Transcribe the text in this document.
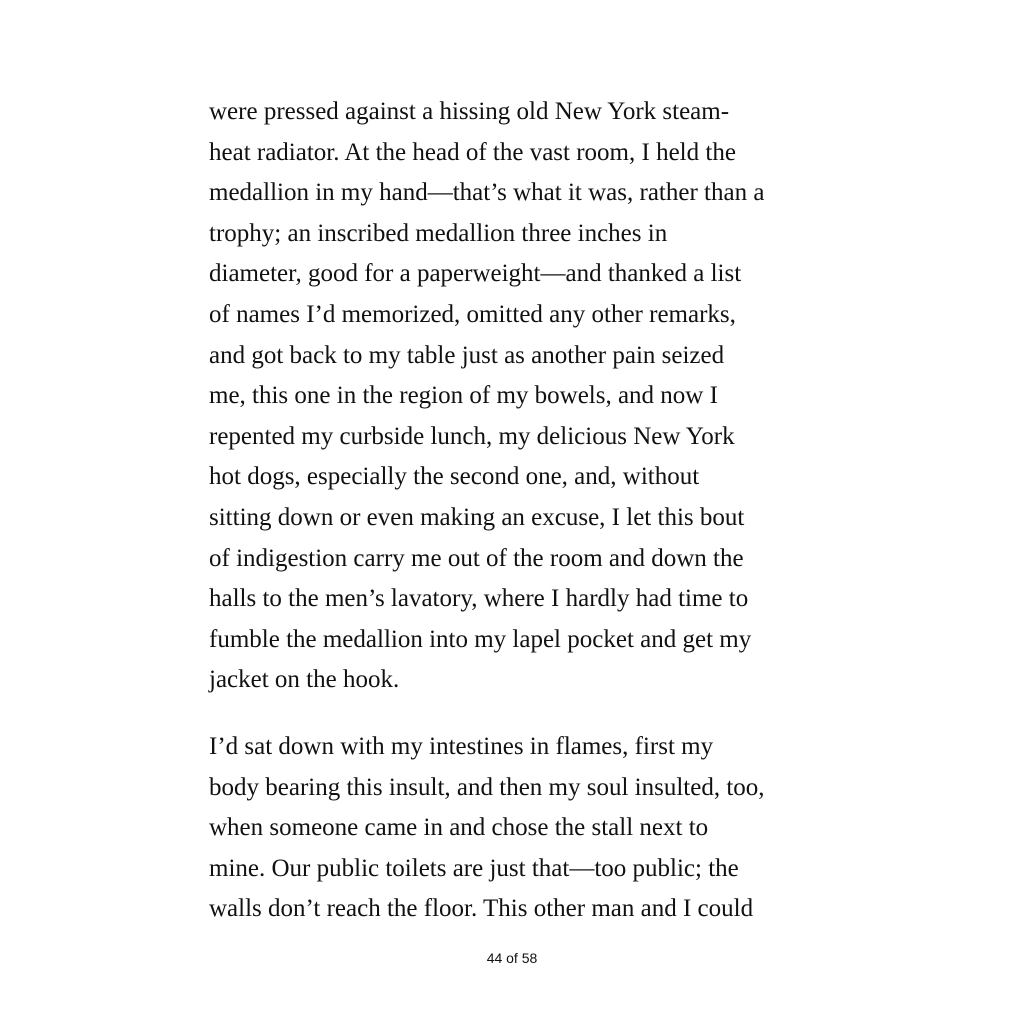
were pressed against a hissing old New York steam-
heat radiator. At the head of the vast room, I held the
medallion in my hand—that’s what it was, rather than a
trophy; an inscribed medallion three inches in
diameter, good for a paperweight—and thanked a list
of names I’d memorized, omitted any other remarks,
and got back to my table just as another pain seized
me, this one in the region of my bowels, and now I
repented my curbside lunch, my delicious New York
hot dogs, especially the second one, and, without
sitting down or even making an excuse, I let this bout
of indigestion carry me out of the room and down the
halls to the men’s lavatory, where I hardly had time to
fumble the medallion into my lapel pocket and get my
jacket on the hook.

I’d sat down with my intestines in flames, first my
body bearing this insult, and then my soul insulted, too,
when someone came in and chose the stall next to
mine. Our public toilets are just that—too public; the
walls don’t reach the floor. This other man and I could

44 of 58
